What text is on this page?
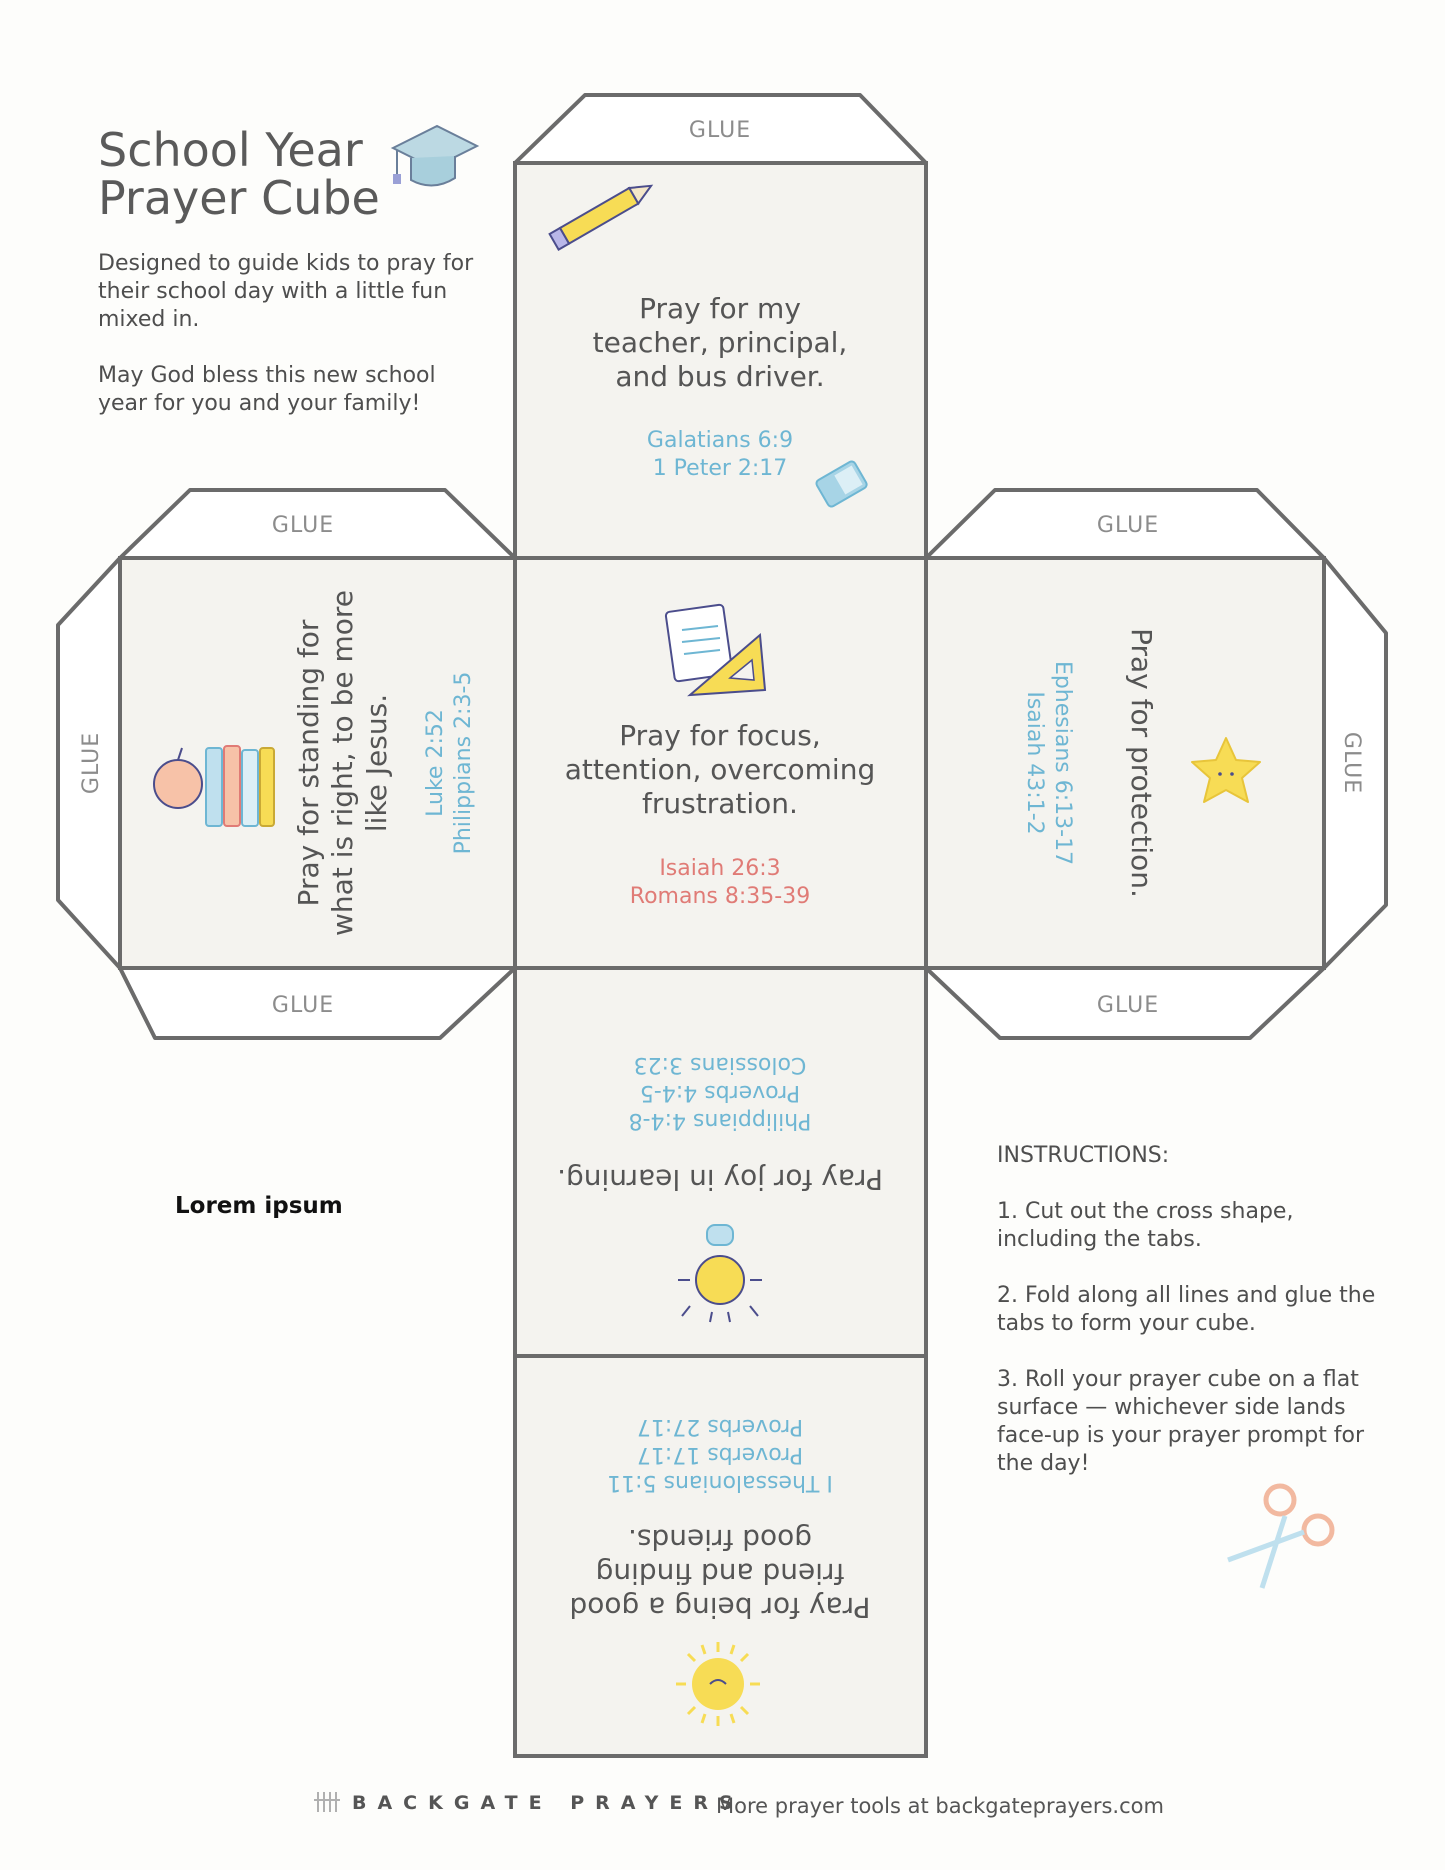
School Year
Prayer Cube

Designed to guide kids to pray for their school day with a little fun mixed in.

May God bless this new school year for you and your family!

GLUE
GLUE
GLUE
GLUE
GLUE
GLUE	GLUE
Pray for my
teacher, principal,
and bus driver.
Galatians 6:9
1 Peter 2:17
Pray for focus,
attention, overcoming
frustration.
Isaiah 26:3
Romans 8:35-39
Pray for standing for what is right, to be more like Jesus. Luke 2:52 Philippians 2:3-5	Pray for protection.
Ephesians 6:13-17
Isaiah 43:1-2
Pray for joy in learning.
Philippians 4:4-8
Proverbs 4:4-5
Colossians 3:23
Pray for being a good
friend and finding
good friends.
I Thessalonians 5:11
Proverbs 17:17
Proverbs 27:17
Lorem ipsum

INSTRUCTIONS:

1. Cut out the cross shape, including the tabs.

2. Fold along all lines and glue the tabs to form your cube.

3. Roll your prayer cube on a flat surface — whichever side lands face-up is your prayer prompt for the day!

BACKGATE PRAYERS
More prayer tools at backgateprayers.com
